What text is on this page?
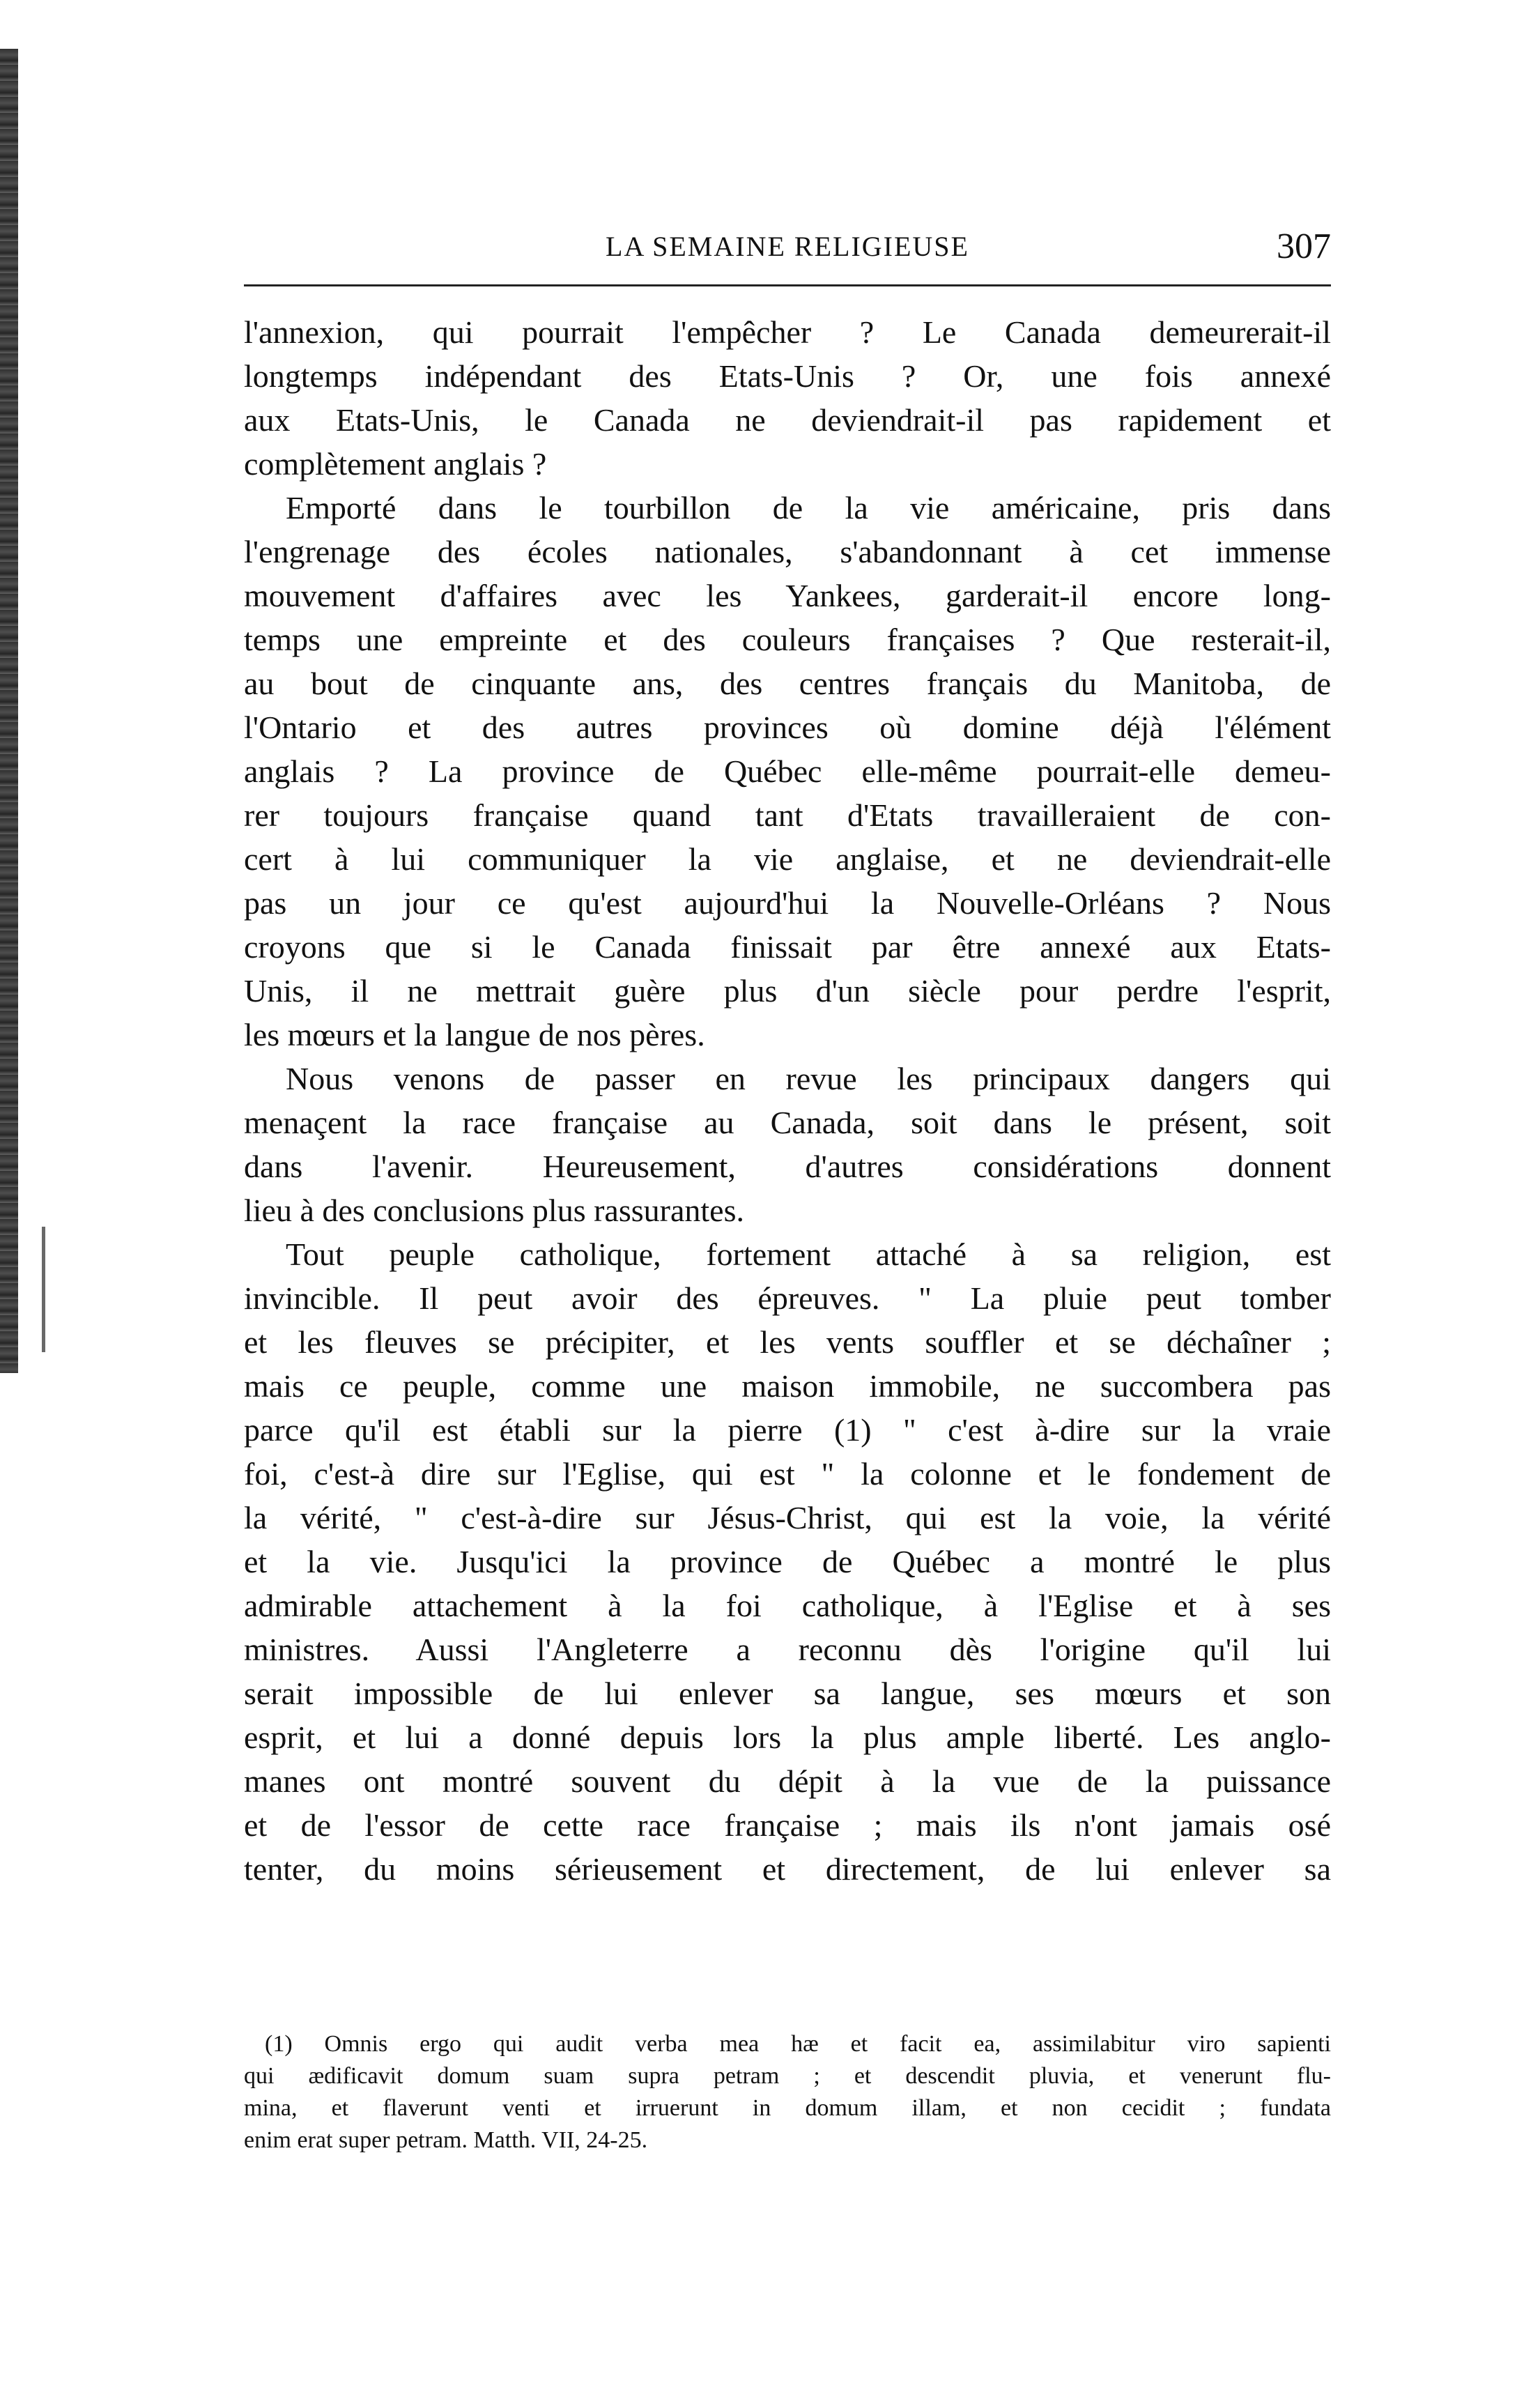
LA SEMAINE RELIGIEUSE	307
l'annexion, qui pourrait l'empêcher ? Le Canada demeurerait-il
longtemps indépendant des Etats-Unis ? Or, une fois annexé
aux Etats-Unis, le Canada ne deviendrait-il pas rapidement et
complètement anglais ?
Emporté dans le tourbillon de la vie américaine, pris dans
l'engrenage des écoles nationales, s'abandonnant à cet immense
mouvement d'affaires avec les Yankees, garderait-il encore long-
temps une empreinte et des couleurs françaises ? Que resterait-il,
au bout de cinquante ans, des centres français du Manitoba, de
l'Ontario et des autres provinces où domine déjà l'élément
anglais ? La province de Québec elle-même pourrait-elle demeu-
rer toujours française quand tant d'Etats travailleraient de con-
cert à lui communiquer la vie anglaise, et ne deviendrait-elle
pas un jour ce qu'est aujourd'hui la Nouvelle-Orléans ? Nous
croyons que si le Canada finissait par être annexé aux Etats-
Unis, il ne mettrait guère plus d'un siècle pour perdre l'esprit,
les mœurs et la langue de nos pères.
Nous venons de passer en revue les principaux dangers qui
menaçent la race française au Canada, soit dans le présent, soit
dans l'avenir. Heureusement, d'autres considérations donnent
lieu à des conclusions plus rassurantes.
Tout peuple catholique, fortement attaché à sa religion, est
invincible. Il peut avoir des épreuves. " La pluie peut tomber
et les fleuves se précipiter, et les vents souffler et se déchaîner ;
mais ce peuple, comme une maison immobile, ne succombera pas
parce qu'il est établi sur la pierre (1) " c'est à-dire sur la vraie
foi, c'est-à dire sur l'Eglise, qui est " la colonne et le fondement de
la vérité, " c'est-à-dire sur Jésus-Christ, qui est la voie, la vérité
et la vie. Jusqu'ici la province de Québec a montré le plus
admirable attachement à la foi catholique, à l'Eglise et à ses
ministres. Aussi l'Angleterre a reconnu dès l'origine qu'il lui
serait impossible de lui enlever sa langue, ses mœurs et son
esprit, et lui a donné depuis lors la plus ample liberté. Les anglo-
manes ont montré souvent du dépit à la vue de la puissance
et de l'essor de cette race française ; mais ils n'ont jamais osé
tenter, du moins sérieusement et directement, de lui enlever sa
(1) Omnis ergo qui audit verba mea hæ et facit ea, assimilabitur viro sapienti
qui ædificavit domum suam supra petram ; et descendit pluvia, et venerunt flu-
mina, et flaverunt venti et irruerunt in domum illam, et non cecidit ; fundata
enim erat super petram. Matth. VII, 24-25.
